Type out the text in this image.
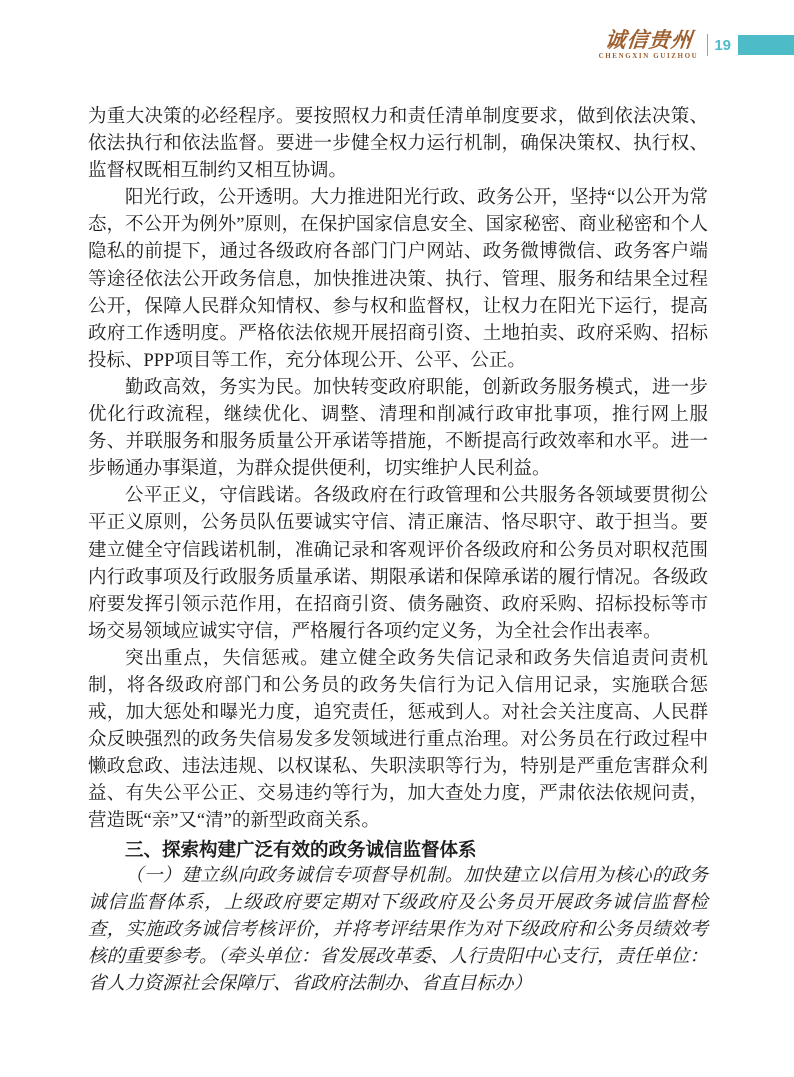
诚信贵州
CHENGXIN GUIZHOU
19

为重大决策的必经程序。要按照权力和责任清单制度要求，做到依法决策、依法执行和依法监督。要进一步健全权力运行机制，确保决策权、执行权、监督权既相互制约又相互协调。

阳光行政，公开透明。大力推进阳光行政、政务公开，坚持“以公开为常态，不公开为例外”原则，在保护国家信息安全、国家秘密、商业秘密和个人隐私的前提下，通过各级政府各部门门户网站、政务微博微信、政务客户端等途径依法公开政务信息，加快推进决策、执行、管理、服务和结果全过程公开，保障人民群众知情权、参与权和监督权，让权力在阳光下运行，提高政府工作透明度。严格依法依规开展招商引资、土地拍卖、政府采购、招标投标、PPP项目等工作，充分体现公开、公平、公正。

勤政高效，务实为民。加快转变政府职能，创新政务服务模式，进一步优化行政流程，继续优化、调整、清理和削减行政审批事项，推行网上服务、并联服务和服务质量公开承诺等措施，不断提高行政效率和水平。进一步畅通办事渠道，为群众提供便利，切实维护人民利益。

公平正义，守信践诺。各级政府在行政管理和公共服务各领域要贯彻公平正义原则，公务员队伍要诚实守信、清正廉洁、恪尽职守、敢于担当。要建立健全守信践诺机制，准确记录和客观评价各级政府和公务员对职权范围内行政事项及行政服务质量承诺、期限承诺和保障承诺的履行情况。各级政府要发挥引领示范作用，在招商引资、债务融资、政府采购、招标投标等市场交易领域应诚实守信，严格履行各项约定义务，为全社会作出表率。

突出重点，失信惩戒。建立健全政务失信记录和政务失信追责问责机制，将各级政府部门和公务员的政务失信行为记入信用记录，实施联合惩戒，加大惩处和曝光力度，追究责任，惩戒到人。对社会关注度高、人民群众反映强烈的政务失信易发多发领域进行重点治理。对公务员在行政过程中懒政怠政、违法违规、以权谋私、失职渎职等行为，特别是严重危害群众利益、有失公平公正、交易违约等行为，加大查处力度，严肃依法依规问责，营造既“亲”又“清”的新型政商关系。

三、探索构建广泛有效的政务诚信监督体系

（一）建立纵向政务诚信专项督导机制。加快建立以信用为核心的政务诚信监督体系，上级政府要定期对下级政府及公务员开展政务诚信监督检查，实施政务诚信考核评价，并将考评结果作为对下级政府和公务员绩效考核的重要参考。（牵头单位：省发展改革委、人行贵阳中心支行，责任单位：省人力资源社会保障厅、省政府法制办、省直目标办）
